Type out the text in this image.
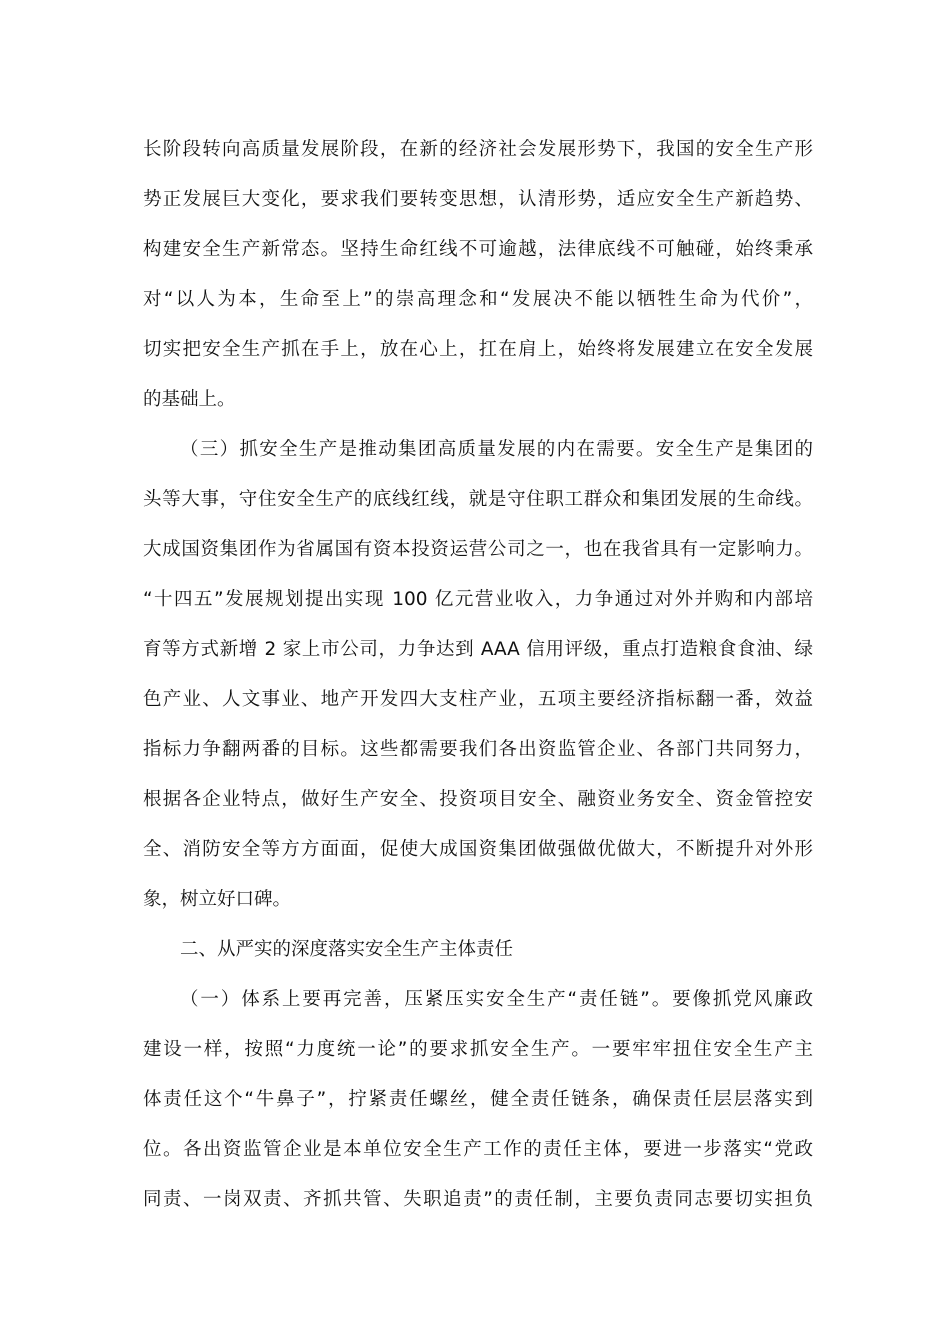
长阶段转向高质量发展阶段，在新的经济社会发展形势下，我国的安全生产形
势正发展巨大变化，要求我们要转变思想，认清形势，适应安全生产新趋势、
构建安全生产新常态。坚持生命红线不可逾越，法律底线不可触碰，始终秉承
对“以人为本，生命至上”的崇高理念和“发展决不能以牺牲生命为代价”，
切实把安全生产抓在手上，放在心上，扛在肩上，始终将发展建立在安全发展
的基础上。
（三）抓安全生产是推动集团高质量发展的内在需要。安全生产是集团的
头等大事，守住安全生产的底线红线，就是守住职工群众和集团发展的生命线。
大成国资集团作为省属国有资本投资运营公司之一，也在我省具有一定影响力。
“十四五”发展规划提出实现 100 亿元营业收入，力争通过对外并购和内部培
育等方式新增 2 家上市公司，力争达到 AAA 信用评级，重点打造粮食食油、绿
色产业、人文事业、地产开发四大支柱产业，五项主要经济指标翻一番，效益
指标力争翻两番的目标。这些都需要我们各出资监管企业、各部门共同努力，
根据各企业特点，做好生产安全、投资项目安全、融资业务安全、资金管控安
全、消防安全等方方面面，促使大成国资集团做强做优做大，不断提升对外形
象，树立好口碑。
二、从严实的深度落实安全生产主体责任
（一）体系上要再完善，压紧压实安全生产“责任链”。要像抓党风廉政
建设一样，按照“力度统一论”的要求抓安全生产。一要牢牢扭住安全生产主
体责任这个“牛鼻子”，拧紧责任螺丝，健全责任链条，确保责任层层落实到
位。各出资监管企业是本单位安全生产工作的责任主体，要进一步落实“党政
同责、一岗双责、齐抓共管、失职追责”的责任制，主要负责同志要切实担负
